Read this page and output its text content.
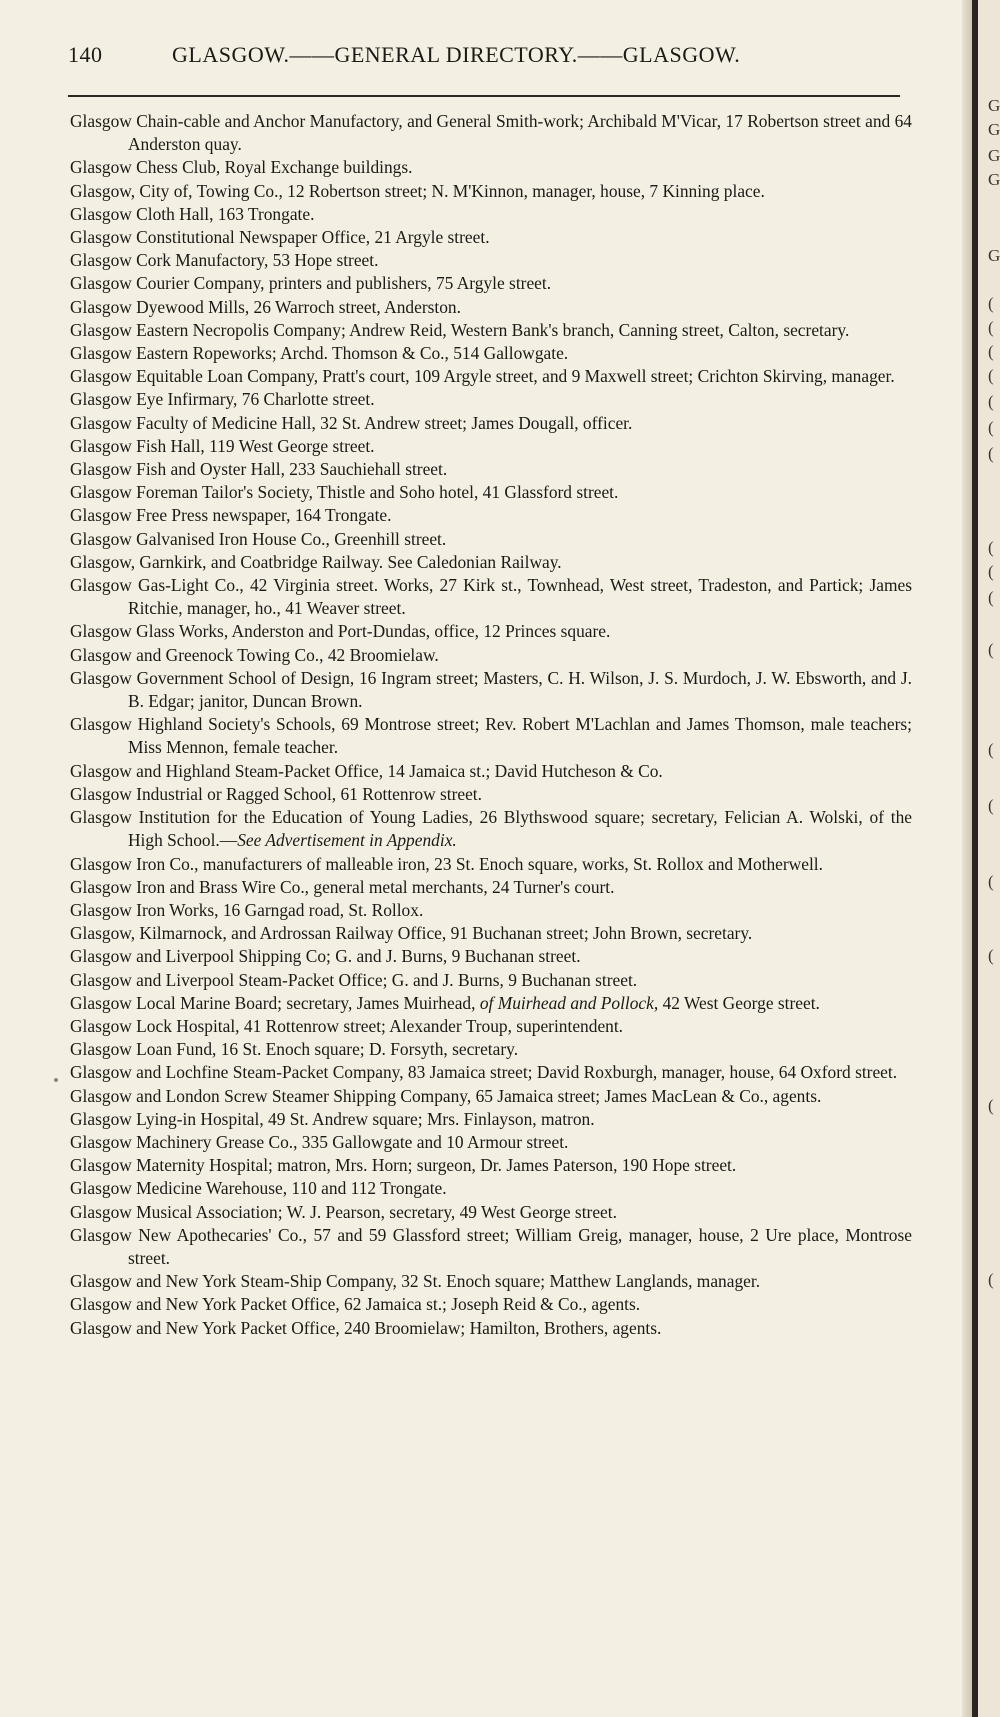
140	GLASGOW.——GENERAL DIRECTORY.——GLASGOW.
Glasgow Chain-cable and Anchor Manufactory, and General Smith-work; Archibald M'Vicar, 17 Robertson street and 64 Anderston quay.
Glasgow Chess Club, Royal Exchange buildings.
Glasgow, City of, Towing Co., 12 Robertson street; N. M'Kinnon, manager, house, 7 Kinning place.
Glasgow Cloth Hall, 163 Trongate.
Glasgow Constitutional Newspaper Office, 21 Argyle street.
Glasgow Cork Manufactory, 53 Hope street.
Glasgow Courier Company, printers and publishers, 75 Argyle street.
Glasgow Dyewood Mills, 26 Warroch street, Anderston.
Glasgow Eastern Necropolis Company; Andrew Reid, Western Bank's branch, Canning street, Calton, secretary.
Glasgow Eastern Ropeworks; Archd. Thomson & Co., 514 Gallowgate.
Glasgow Equitable Loan Company, Pratt's court, 109 Argyle street, and 9 Maxwell street; Crichton Skirving, manager.
Glasgow Eye Infirmary, 76 Charlotte street.
Glasgow Faculty of Medicine Hall, 32 St. Andrew street; James Dougall, officer.
Glasgow Fish Hall, 119 West George street.
Glasgow Fish and Oyster Hall, 233 Sauchiehall street.
Glasgow Foreman Tailor's Society, Thistle and Soho hotel, 41 Glassford street.
Glasgow Free Press newspaper, 164 Trongate.
Glasgow Galvanised Iron House Co., Greenhill street.
Glasgow, Garnkirk, and Coatbridge Railway. See Caledonian Railway.
Glasgow Gas-Light Co., 42 Virginia street. Works, 27 Kirk st., Townhead, West street, Tradeston, and Partick; James Ritchie, manager, ho., 41 Weaver street.
Glasgow Glass Works, Anderston and Port-Dundas, office, 12 Princes square.
Glasgow and Greenock Towing Co., 42 Broomielaw.
Glasgow Government School of Design, 16 Ingram street; Masters, C. H. Wilson, J. S. Murdoch, J. W. Ebsworth, and J. B. Edgar; janitor, Duncan Brown.
Glasgow Highland Society's Schools, 69 Montrose street; Rev. Robert M'Lachlan and James Thomson, male teachers; Miss Mennon, female teacher.
Glasgow and Highland Steam-Packet Office, 14 Jamaica st.; David Hutcheson & Co.
Glasgow Industrial or Ragged School, 61 Rottenrow street.
Glasgow Institution for the Education of Young Ladies, 26 Blythswood square; secretary, Felician A. Wolski, of the High School.—See Advertisement in Appendix.
Glasgow Iron Co., manufacturers of malleable iron, 23 St. Enoch square, works, St. Rollox and Motherwell.
Glasgow Iron and Brass Wire Co., general metal merchants, 24 Turner's court.
Glasgow Iron Works, 16 Garngad road, St. Rollox.
Glasgow, Kilmarnock, and Ardrossan Railway Office, 91 Buchanan street; John Brown, secretary.
Glasgow and Liverpool Shipping Co; G. and J. Burns, 9 Buchanan street.
Glasgow and Liverpool Steam-Packet Office; G. and J. Burns, 9 Buchanan street.
Glasgow Local Marine Board; secretary, James Muirhead, of Muirhead and Pollock, 42 West George street.
Glasgow Lock Hospital, 41 Rottenrow street; Alexander Troup, superintendent.
Glasgow Loan Fund, 16 St. Enoch square; D. Forsyth, secretary.
Glasgow and Lochfine Steam-Packet Company, 83 Jamaica street; David Roxburgh, manager, house, 64 Oxford street.
Glasgow and London Screw Steamer Shipping Company, 65 Jamaica street; James MacLean & Co., agents.
Glasgow Lying-in Hospital, 49 St. Andrew square; Mrs. Finlayson, matron.
Glasgow Machinery Grease Co., 335 Gallowgate and 10 Armour street.
Glasgow Maternity Hospital; matron, Mrs. Horn; surgeon, Dr. James Paterson, 190 Hope street.
Glasgow Medicine Warehouse, 110 and 112 Trongate.
Glasgow Musical Association; W. J. Pearson, secretary, 49 West George street.
Glasgow New Apothecaries' Co., 57 and 59 Glassford street; William Greig, manager, house, 2 Ure place, Montrose street.
Glasgow and New York Steam-Ship Company, 32 St. Enoch square; Matthew Langlands, manager.
Glasgow and New York Packet Office, 62 Jamaica st.; Joseph Reid & Co., agents.
Glasgow and New York Packet Office, 240 Broomielaw; Hamilton, Brothers, agents.
G
G
G
G
G
(
(
(
(
(
(
(
(
(
(
(
(
(
(
(
(
(
